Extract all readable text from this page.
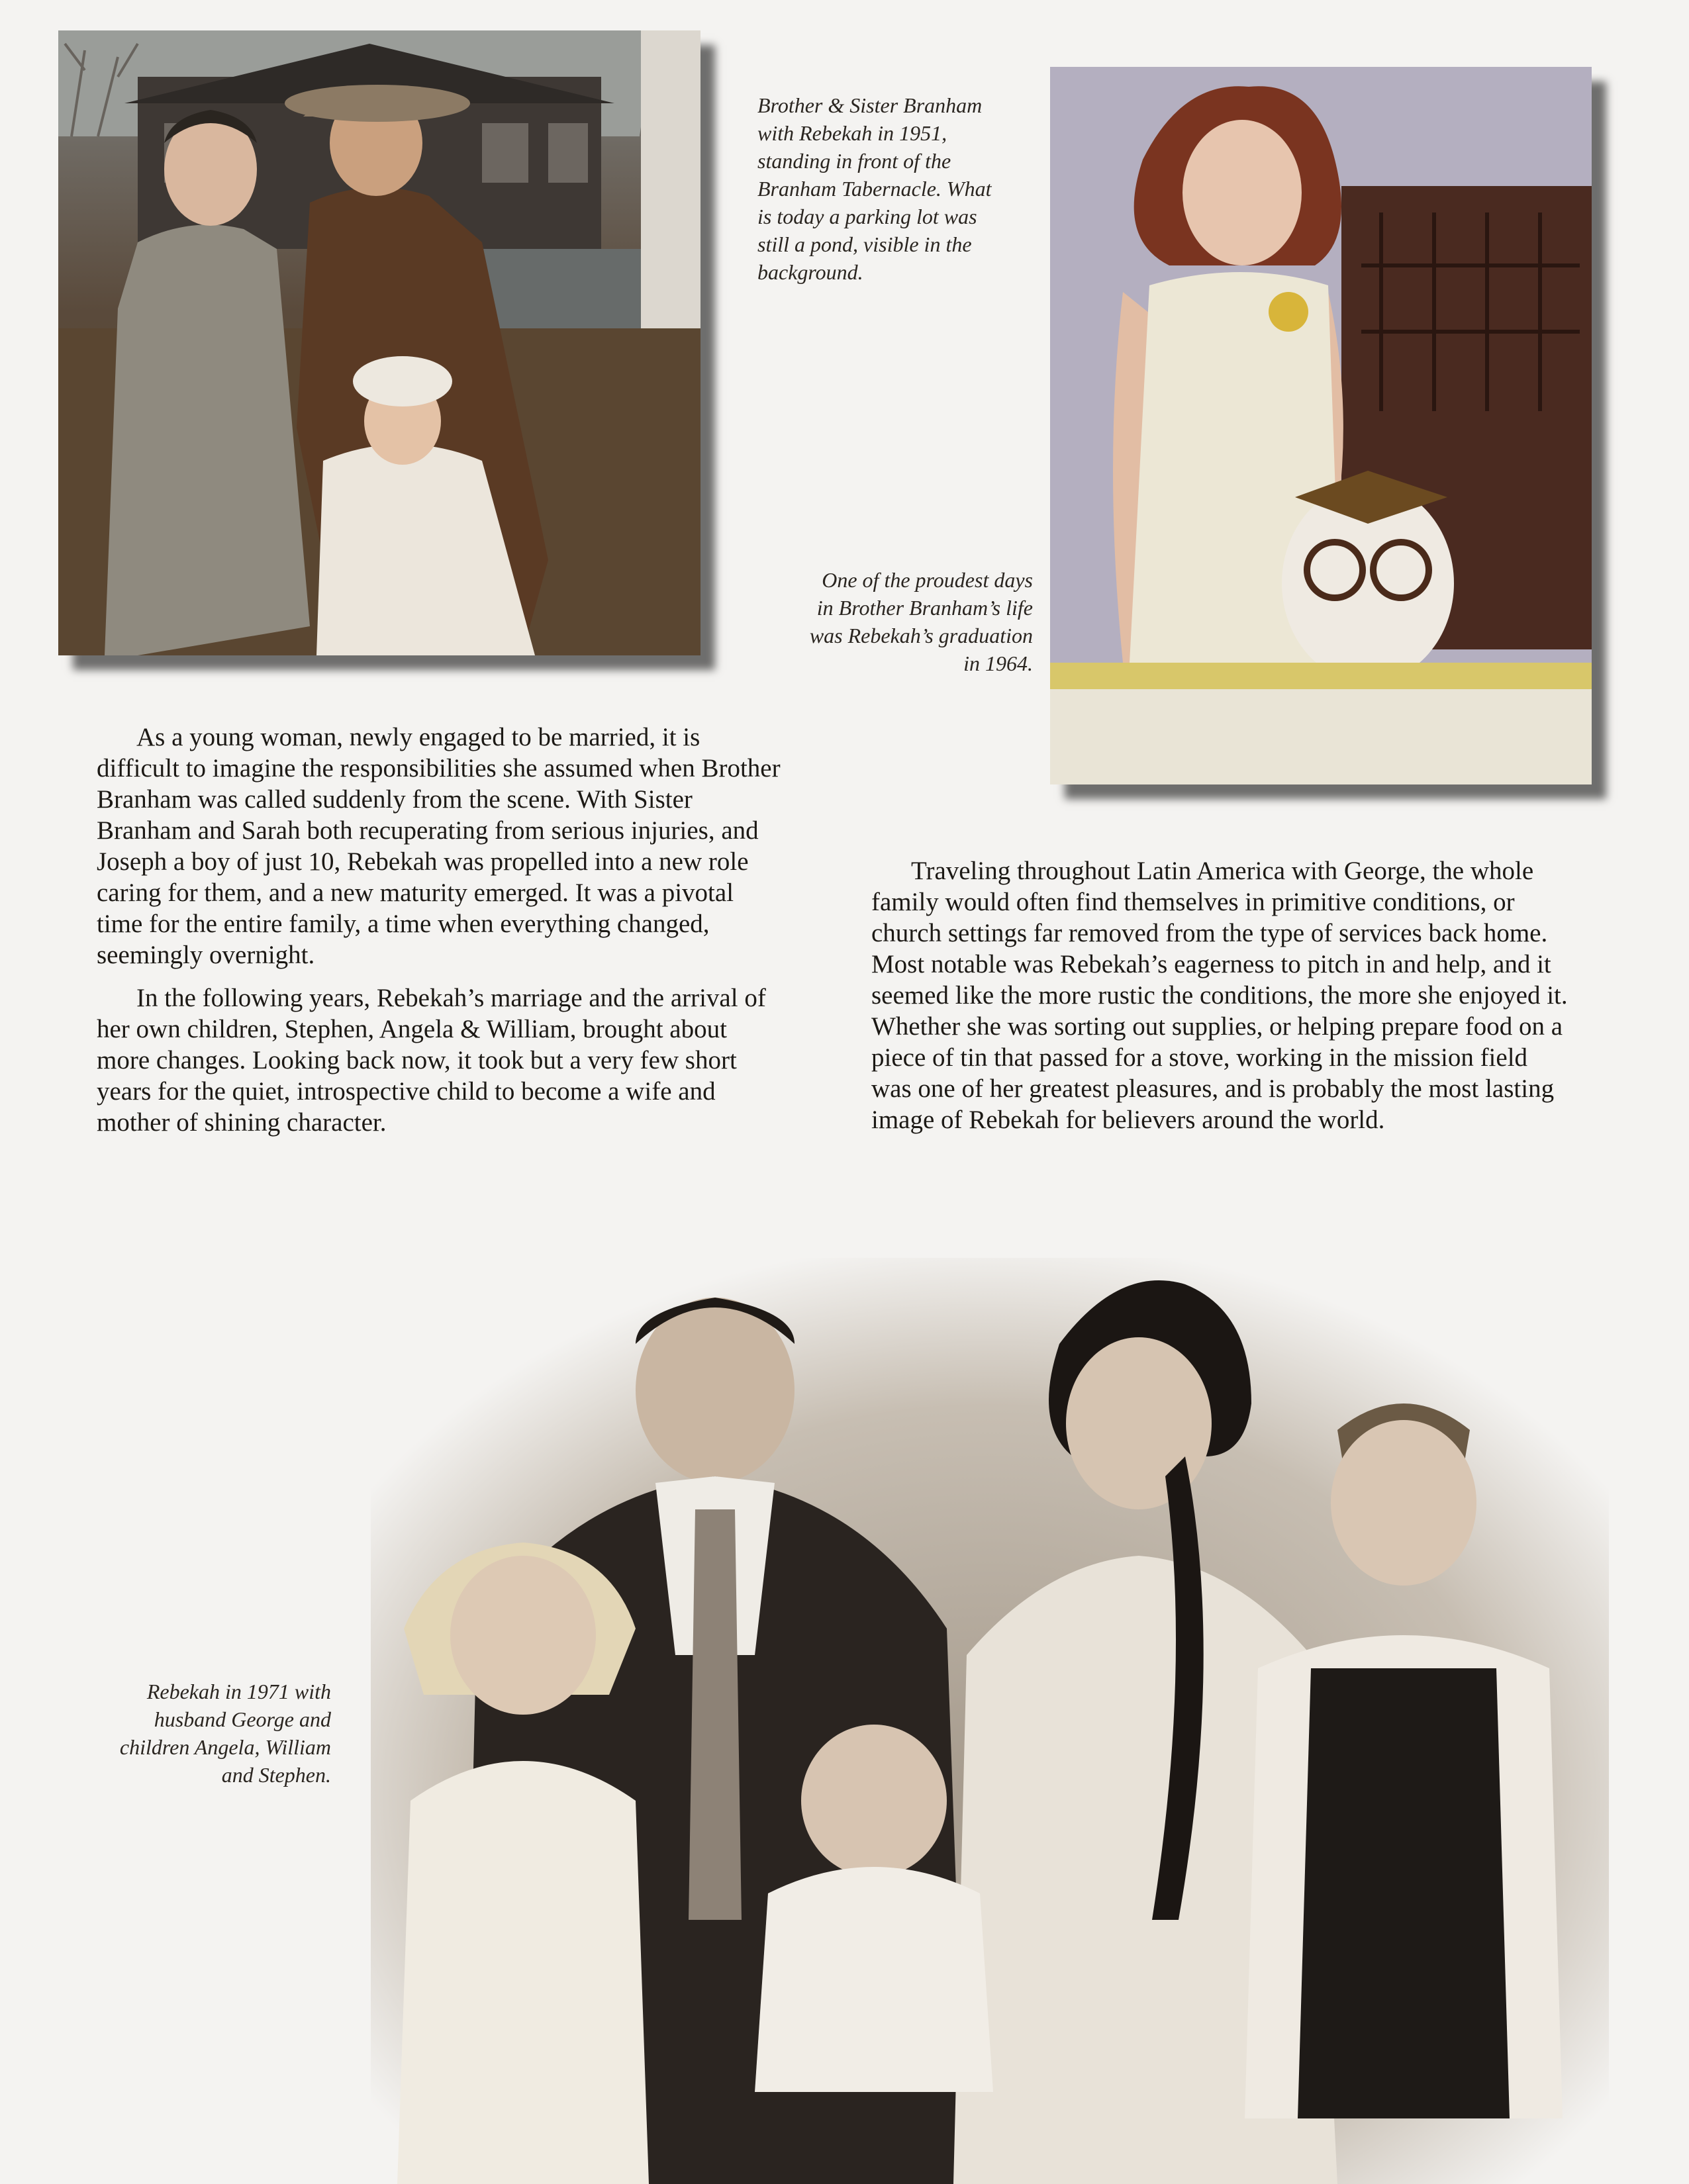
Brother & Sister Branham with Rebekah in 1951, standing in front of the Branham Tabernacle. What is today a parking lot was still a pond, visible in the background.
One of the proudest days in Brother Branham’s life was Rebekah’s graduation in 1964.

As a young woman, newly engaged to be married, it is difficult to imagine the responsibilities she assumed when Brother Branham was called suddenly from the scene. With Sister Branham and Sarah both recuperating from serious injuries, and Joseph a boy of just 10, Rebekah was propelled into a new role caring for them, and a new maturity emerged. It was a pivotal time for the entire family, a time when everything changed, seemingly overnight.

In the following years, Rebekah’s marriage and the arrival of her own children, Stephen, Angela & William, brought about more changes. Looking back now, it took but a very few short years for the quiet, introspective child to become a wife and mother of shining character.

Traveling throughout Latin America with George, the whole family would often find themselves in primitive conditions, or church settings far removed from the type of services back home. Most notable was Rebekah’s eagerness to pitch in and help, and it seemed like the more rustic the conditions, the more she enjoyed it. Whether she was sorting out supplies, or helping prepare food on a piece of tin that passed for a stove, working in the mission field was one of her greatest pleasures, and is probably the most lasting image of Rebekah for believers around the world.

Rebekah in 1971 with husband George and children Angela, William and Stephen.
